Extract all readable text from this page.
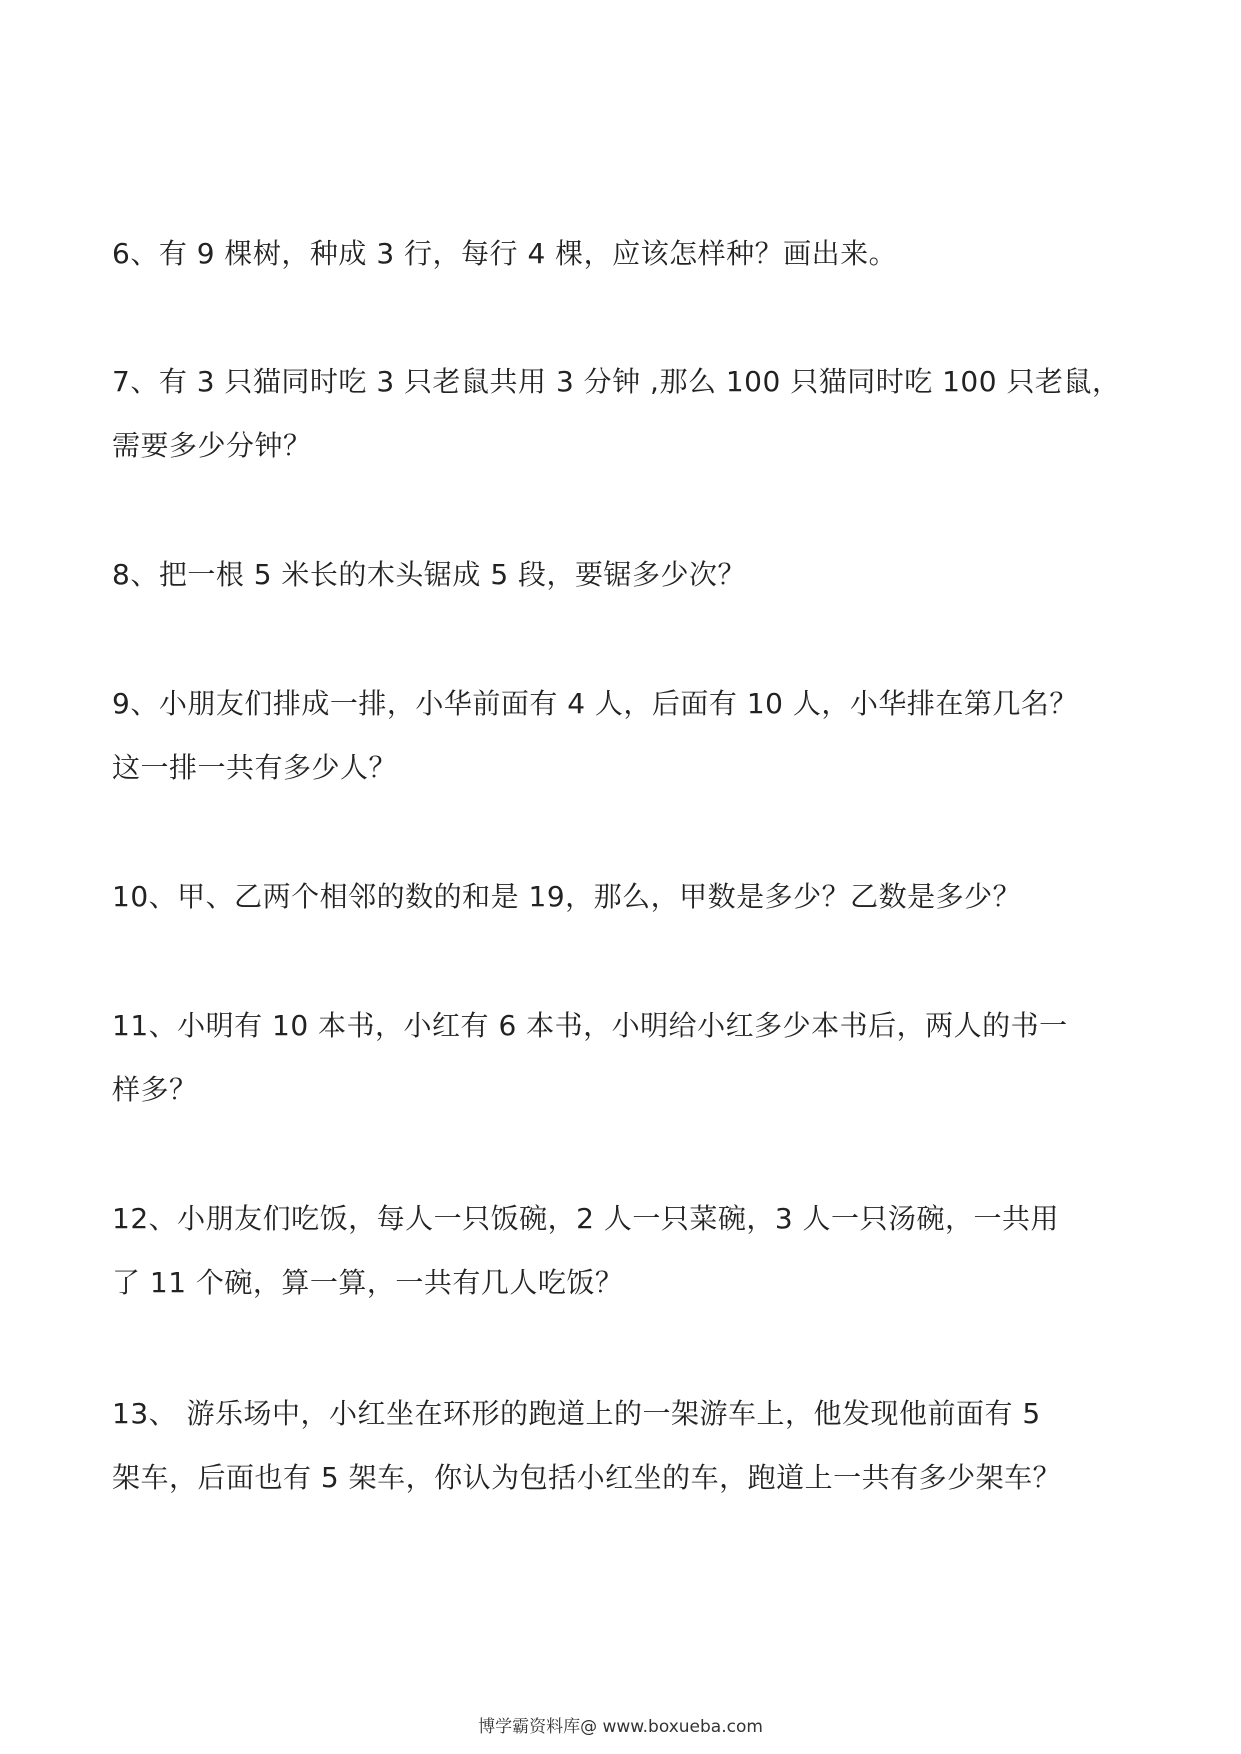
6、有 9 棵树，种成 3 行，每行 4 棵，应该怎样种？画出来。
7、有 3 只猫同时吃 3 只老鼠共用 3 分钟 ,那么 100 只猫同时吃 100 只老鼠，
需要多少分钟？
8、把一根 5 米长的木头锯成 5 段，要锯多少次？
9、小朋友们排成一排，小华前面有 4 人，后面有 10 人，小华排在第几名？
这一排一共有多少人？
10、甲、乙两个相邻的数的和是 19，那么，甲数是多少？乙数是多少？
11、小明有 10 本书，小红有 6 本书，小明给小红多少本书后，两人的书一
样多？
12、小朋友们吃饭，每人一只饭碗，2 人一只菜碗，3 人一只汤碗，一共用
了 11 个碗，算一算，一共有几人吃饭？
13、 游乐场中，小红坐在环形的跑道上的一架游车上，他发现他前面有 5
架车，后面也有 5 架车，你认为包括小红坐的车，跑道上一共有多少架车？
博学霸资料库@ www.boxueba.com
